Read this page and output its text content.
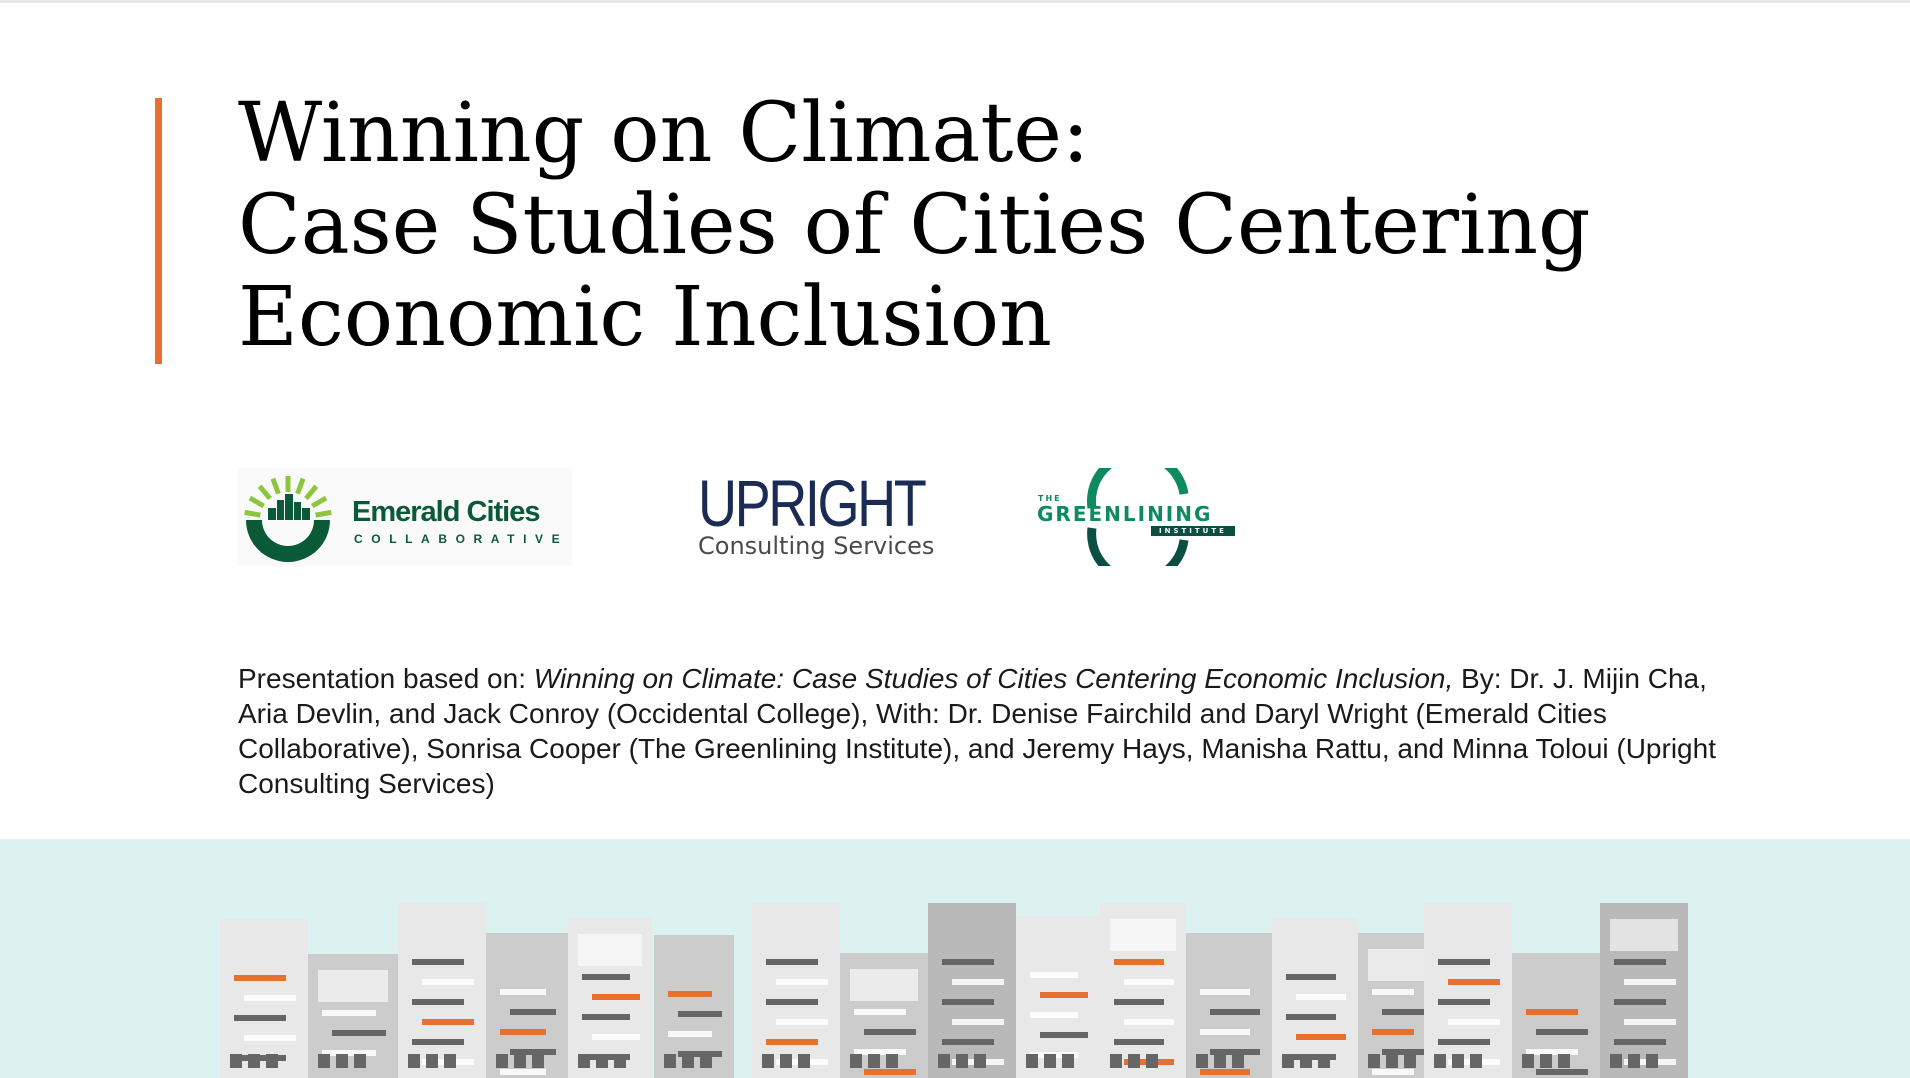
Winning on Climate:
Case Studies of Cities Centering
Economic Inclusion
Emerald Cities
COLLABORATIVE UPRIGHT
Consulting Services
THE
GREENLINING
INSTITUTE

Presentation based on: Winning on Climate: Case Studies of Cities Centering Economic Inclusion, By: Dr. J. Mijin Cha, Aria Devlin, and Jack Conroy (Occidental College), With: Dr. Denise Fairchild and Daryl Wright (Emerald Cities Collaborative), Sonrisa Cooper (The Greenlining Institute), and Jeremy Hays, Manisha Rattu, and Minna Toloui (Upright Consulting Services)
